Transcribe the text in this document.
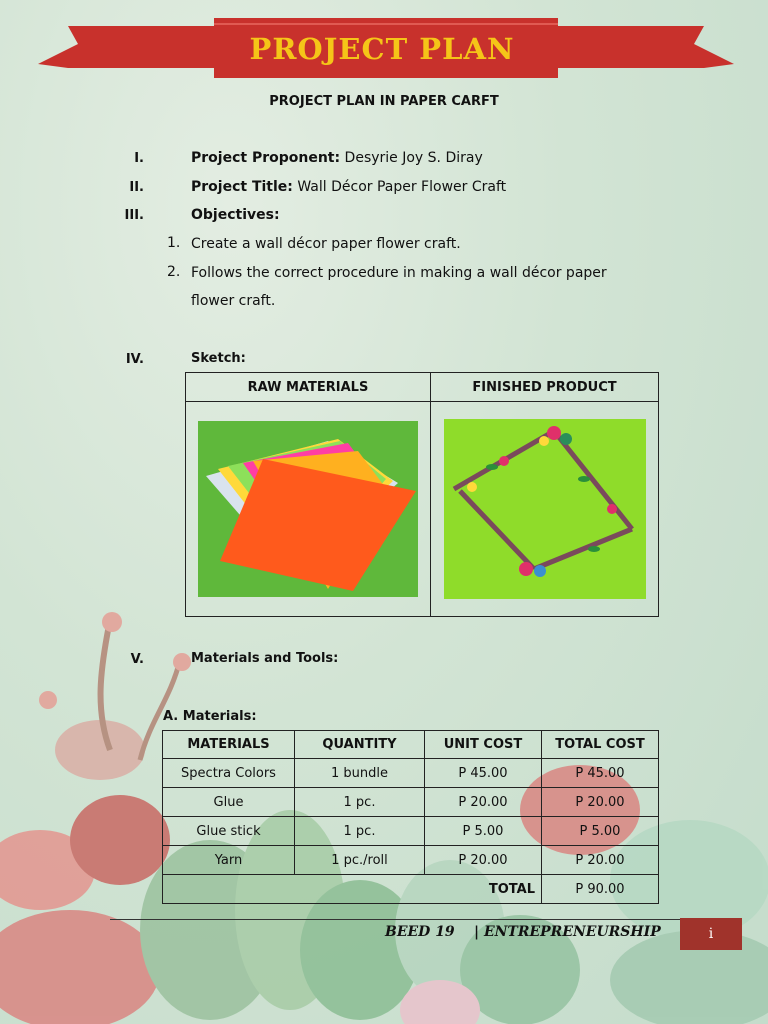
PROJECT PLAN
PROJECT PLAN IN PAPER CARFT
I.	Project Proponent: Desyrie Joy S. Diray
II.	Project Title: Wall Décor Paper Flower Craft
III.	Objectives:
1. Create a wall décor paper flower craft.
2. Follows the correct procedure in making a wall décor paper
flower craft.
IV.	Sketch:
RAW MATERIALS	FINISHED PRODUCT

V.	Materials and Tools:
A. Materials:
MATERIALS	QUANTITY	UNIT COST	TOTAL COST
Spectra Colors	1 bundle	P 45.00	P 45.00
Glue	1 pc.	P 20.00	P 20.00
Glue stick	1 pc.	P 5.00	P 5.00
Yarn	1 pc./roll	P 20.00	P 20.00
TOTAL			P 90.00
BEED 19 | ENTREPRENEURSHIP	i
